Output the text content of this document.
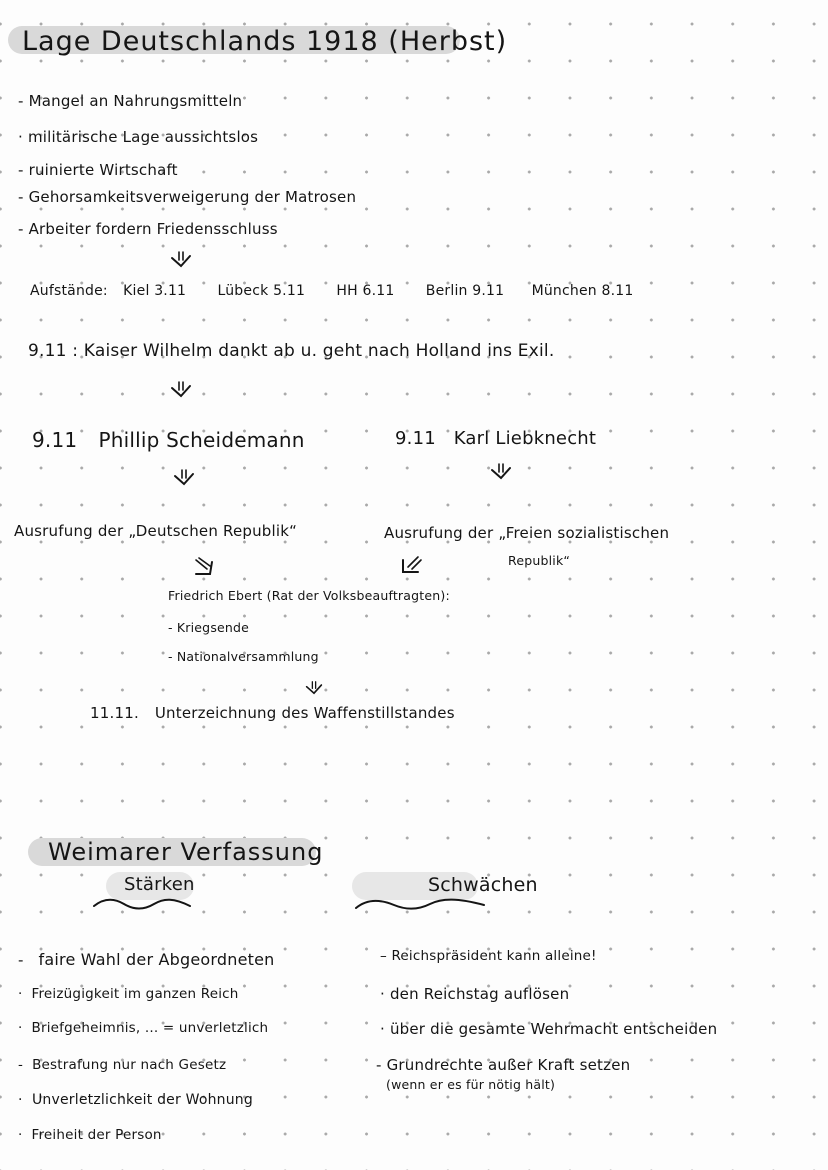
Lage Deutschlands 1918 (Herbst)
- Mangel an Nahrungsmitteln
· militärische Lage aussichtslos
- ruinierte Wirtschaft
- Gehorsamkeitsverweigerung der Matrosen
- Arbeiter fordern Friedensschluss
Aufstände: Kiel 3.11 Lübeck 5.11 HH 6.11 Berlin 9.11 München 8.11
9.11 : Kaiser Wilhelm dankt ab u. geht nach Holland ins Exil.
9.11 Phillip Scheidemann	9.11 Karl Liebknecht
Ausrufung der „Deutschen Republik“	Ausrufung der „Freien sozialistischen
Republik“
Friedrich Ebert (Rat der Volksbeauftragten):
- Kriegsende
- Nationalversammlung
11.11. Unterzeichnung des Waffenstillstandes
Weimarer Verfassung
Stärken	Schwächen
- faire Wahl der Abgeordneten
· Freizügigkeit im ganzen Reich
· Briefgeheimnis, ... = unverletzlich
- Bestrafung nur nach Gesetz
· Unverletzlichkeit der Wohnung
· Freiheit der Person
– Reichspräsident kann alleine!
· den Reichstag auflösen
· über die gesamte Wehrmacht entscheiden
- Grundrechte außer Kraft setzen
(wenn er es für nötig hält)
